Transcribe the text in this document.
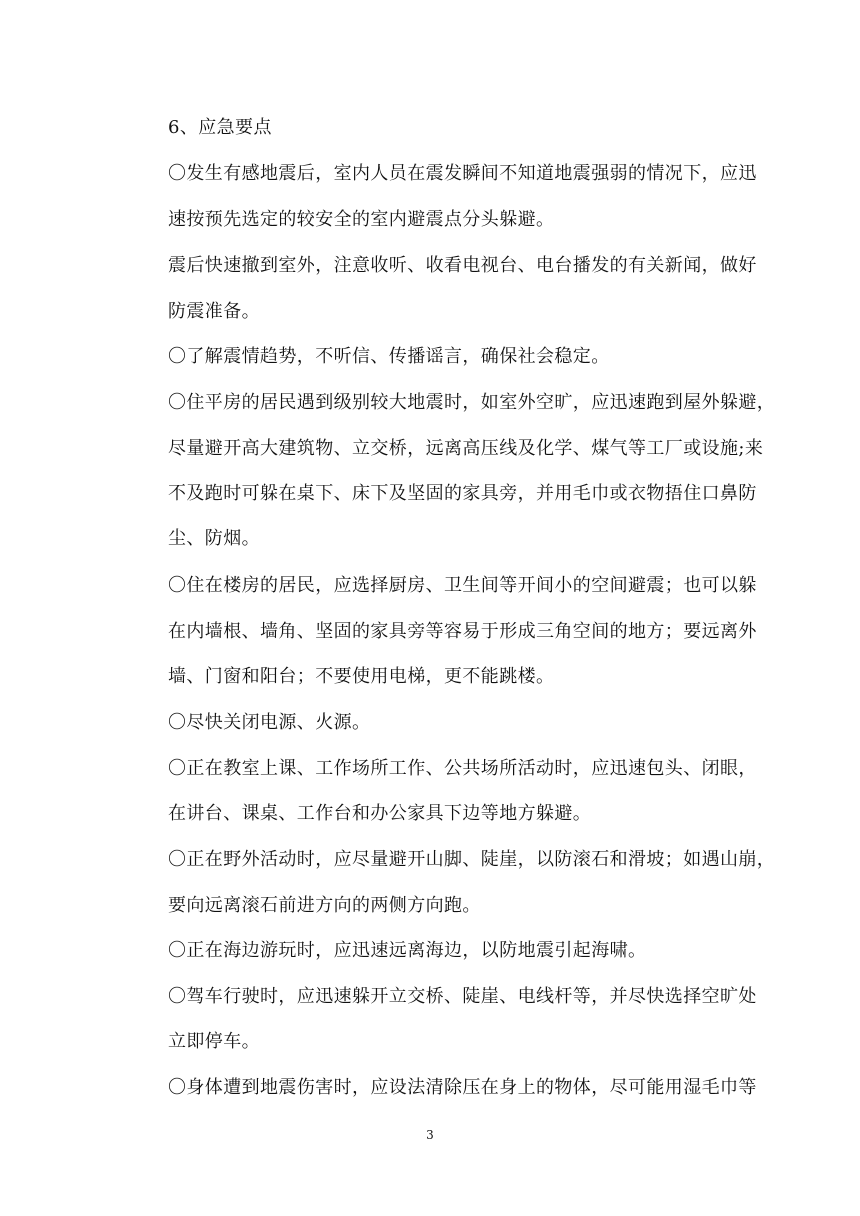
6、应急要点
〇发生有感地震后，室内人员在震发瞬间不知道地震强弱的情况下，应迅
速按预先选定的较安全的室内避震点分头躲避。
震后快速撤到室外，注意收听、收看电视台、电台播发的有关新闻，做好
防震准备。
〇了解震情趋势，不听信、传播谣言，确保社会稳定。
〇住平房的居民遇到级别较大地震时，如室外空旷，应迅速跑到屋外躲避，
尽量避开高大建筑物、立交桥，远离高压线及化学、煤气等工厂或设施;来
不及跑时可躲在桌下、床下及坚固的家具旁，并用毛巾或衣物捂住口鼻防
尘、防烟。
〇住在楼房的居民，应选择厨房、卫生间等开间小的空间避震；也可以躲
在内墙根、墙角、坚固的家具旁等容易于形成三角空间的地方；要远离外
墙、门窗和阳台；不要使用电梯，更不能跳楼。
〇尽快关闭电源、火源。
〇正在教室上课、工作场所工作、公共场所活动时，应迅速包头、闭眼，
在讲台、课桌、工作台和办公家具下边等地方躲避。
〇正在野外活动时，应尽量避开山脚、陡崖，以防滚石和滑坡；如遇山崩，
要向远离滚石前进方向的两侧方向跑。
〇正在海边游玩时，应迅速远离海边，以防地震引起海啸。
〇驾车行驶时，应迅速躲开立交桥、陡崖、电线杆等，并尽快选择空旷处
立即停车。
〇身体遭到地震伤害时，应设法清除压在身上的物体，尽可能用湿毛巾等
3
